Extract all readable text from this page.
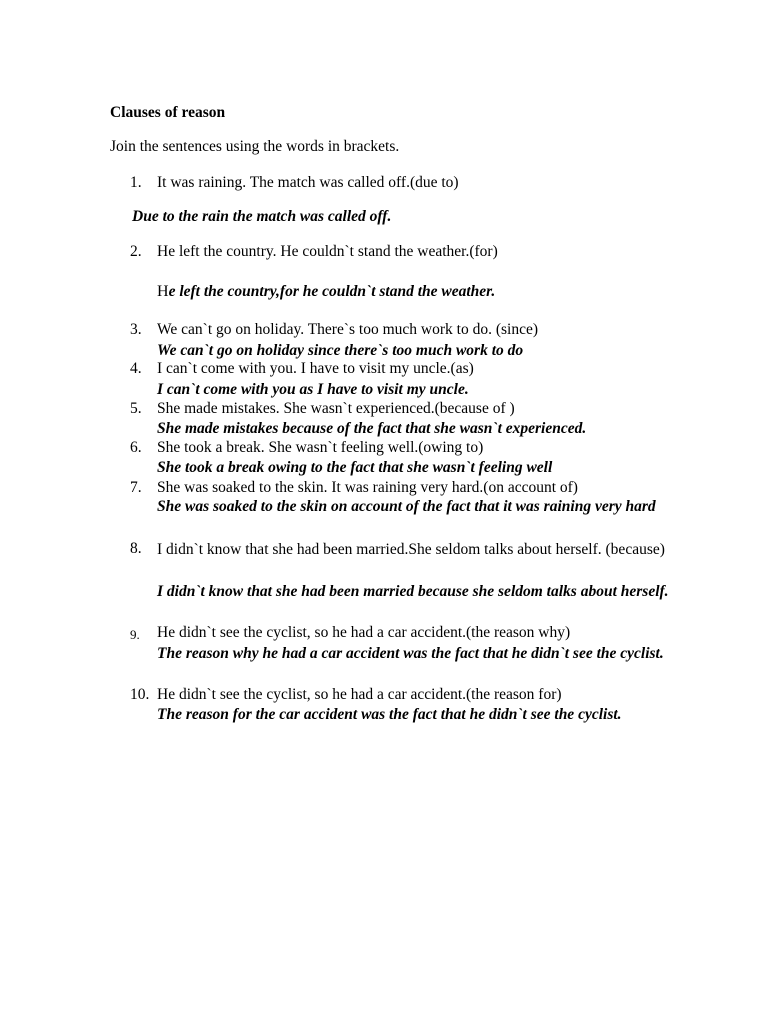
Clauses of reason
Join the sentences using the words in brackets.
1. It was raining. The match was called off.(due to)
Due to the rain the match was called off.
2. He left the country. He couldn`t stand the weather.(for)
He left the country,for he couldn`t stand the weather.
3. We can`t go on holiday. There`s too much work to do. (since)
We can`t go on holiday since there`s too much work to do
4. I can`t come with you. I have to visit my uncle.(as)
I can`t come with you as I have to visit my uncle.
5. She made mistakes. She wasn`t experienced.(because of )
She made mistakes because of the fact that she wasn`t experienced.
6. She took a break. She wasn`t feeling well.(owing to)
She took a break owing to the fact that she wasn`t feeling well
7. She was soaked to the skin. It was raining very hard.(on account of)
She was soaked to the skin on account of the fact that it was raining very hard
8. I didn`t know that she had been married.She seldom talks about herself. (because)
I didn`t know that she had been married because she seldom talks about herself.
9. He didn`t see the cyclist, so he had a car accident.(the reason why)
The reason why he had a car accident was the fact that he didn`t see the cyclist.
10. He didn`t see the cyclist, so he had a car accident.(the reason for)
The reason for the car accident was the fact that he didn`t see the cyclist.
